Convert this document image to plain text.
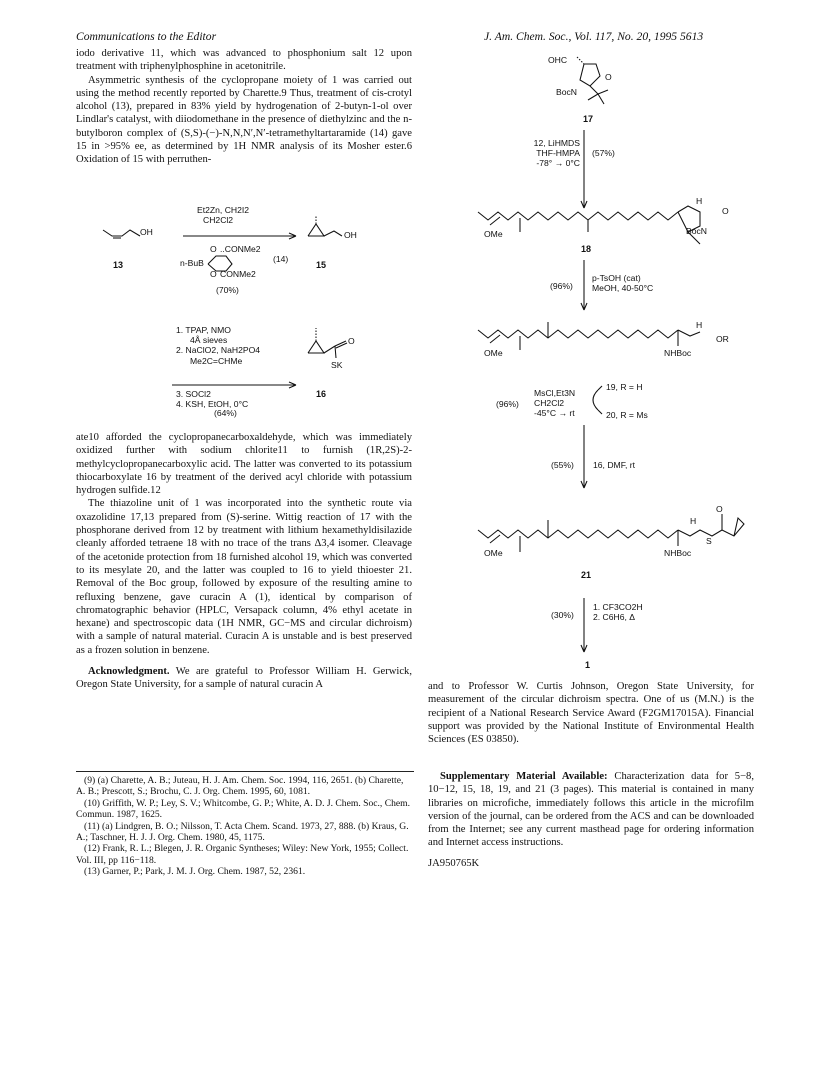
Communications to the Editor	J. Am. Chem. Soc., Vol. 117, No. 20, 1995 5613

iodo derivative 11, which was advanced to phosphonium salt 12 upon treatment with triphenylphosphine in acetonitrile.

Asymmetric synthesis of the cyclopropane moiety of 1 was carried out using the method recently reported by Charette.9 Thus, treatment of cis-crotyl alcohol (13), prepared in 83% yield by hydrogenation of 2-butyn-1-ol over Lindlar's catalyst, with diiodomethane in the presence of diethylzinc and the n-butylboron complex of (S,S)-(−)-N,N,N′,N′-tetramethyltartaramide (14) gave 15 in >95% ee, as determined by 1H NMR analysis of its Mosher ester.6 Oxidation of 15 with perruthen-

Et2Zn, CH2I2
CH2Cl2
OH	OH
O ..CONMe2
n-BuB	(14)
O CONMe2
13	15
(70%)
1. TPAP, NMO
4Å sieves
2. NaClO2, NaH2PO4
Me2C=CHMe
3. SOCl2
4. KSH, EtOH, 0°C
O
SK
16
(64%)

ate10 afforded the cyclopropanecarboxaldehyde, which was immediately oxidized further with sodium chlorite11 to furnish (1R,2S)-2-methylcyclopropanecarboxylic acid. The latter was converted to its potassium thiocarboxylate 16 by treatment of the derived acyl chloride with potassium hydrogen sulfide.12

The thiazoline unit of 1 was incorporated into the synthetic route via oxazolidine 17,13 prepared from (S)-serine. Wittig reaction of 17 with the phosphorane derived from 12 by treatment with lithium hexamethyldisilazide cleanly afforded tetraene 18 with no trace of the trans Δ3,4 isomer. Cleavage of the acetonide protection from 18 furnished alcohol 19, which was converted to its mesylate 20, and the latter was coupled to 16 to yield thioester 21. Removal of the Boc group, followed by exposure of the resulting amine to refluxing benzene, gave curacin A (1), identical by comparison of chromatographic behavior (HPLC, Versapack column, 4% ethyl acetate in hexane) and spectroscopic data (1H NMR, GC−MS and circular dichroism) with a sample of natural material. Curacin A is unstable and is best preserved as a frozen solution in benzene.

Acknowledgment. We are grateful to Professor William H. Gerwick, Oregon State University, for a sample of natural curacin A

(9) (a) Charette, A. B.; Juteau, H. J. Am. Chem. Soc. 1994, 116, 2651. (b) Charette, A. B.; Prescott, S.; Brochu, C. J. Org. Chem. 1995, 60, 1081.

(10) Griffith, W. P.; Ley, S. V.; Whitcombe, G. P.; White, A. D. J. Chem. Soc., Chem. Commun. 1987, 1625.

(11) (a) Lindgren, B. O.; Nilsson, T. Acta Chem. Scand. 1973, 27, 888. (b) Kraus, G. A.; Taschner, H. J. J. Org. Chem. 1980, 45, 1175.

(12) Frank, R. L.; Blegen, J. R. Organic Syntheses; Wiley: New York, 1955; Collect. Vol. III, pp 116−118.

(13) Garner, P.; Park, J. M. J. Org. Chem. 1987, 52, 2361.

OHC
O
BocN
17
12, LiHMDS
THF-HMPA
-78° → 0°C
(57%)
H
O
OMe	BocN
18
(96%)
p-TsOH (cat)
MeOH, 40-50°C
H
OR
OMe	NHBoc
(96%)
MsCl,Et3N
CH2Cl2
-45°C → rt
19, R = H
20, R = Ms
(55%) 16, DMF, rt
H
O
S
OMe	NHBoc
21
(30%)
1. CF3CO2H
2. C6H6, Δ
1
and to Professor W. Curtis Johnson, Oregon State University, for measurement of the circular dichroism spectra. One of us (M.N.) is the recipient of a National Research Service Award (F2GM17015A). Financial support was provided by the National Institute of Environmental Health Sciences (ES 03850).

Supplementary Material Available: Characterization data for 5−8, 10−12, 15, 18, 19, and 21 (3 pages). This material is contained in many libraries on microfiche, immediately follows this article in the microfilm version of the journal, can be ordered from the ACS and can be downloaded from the Internet; see any current masthead page for ordering information and Internet access instructions.

JA950765K
